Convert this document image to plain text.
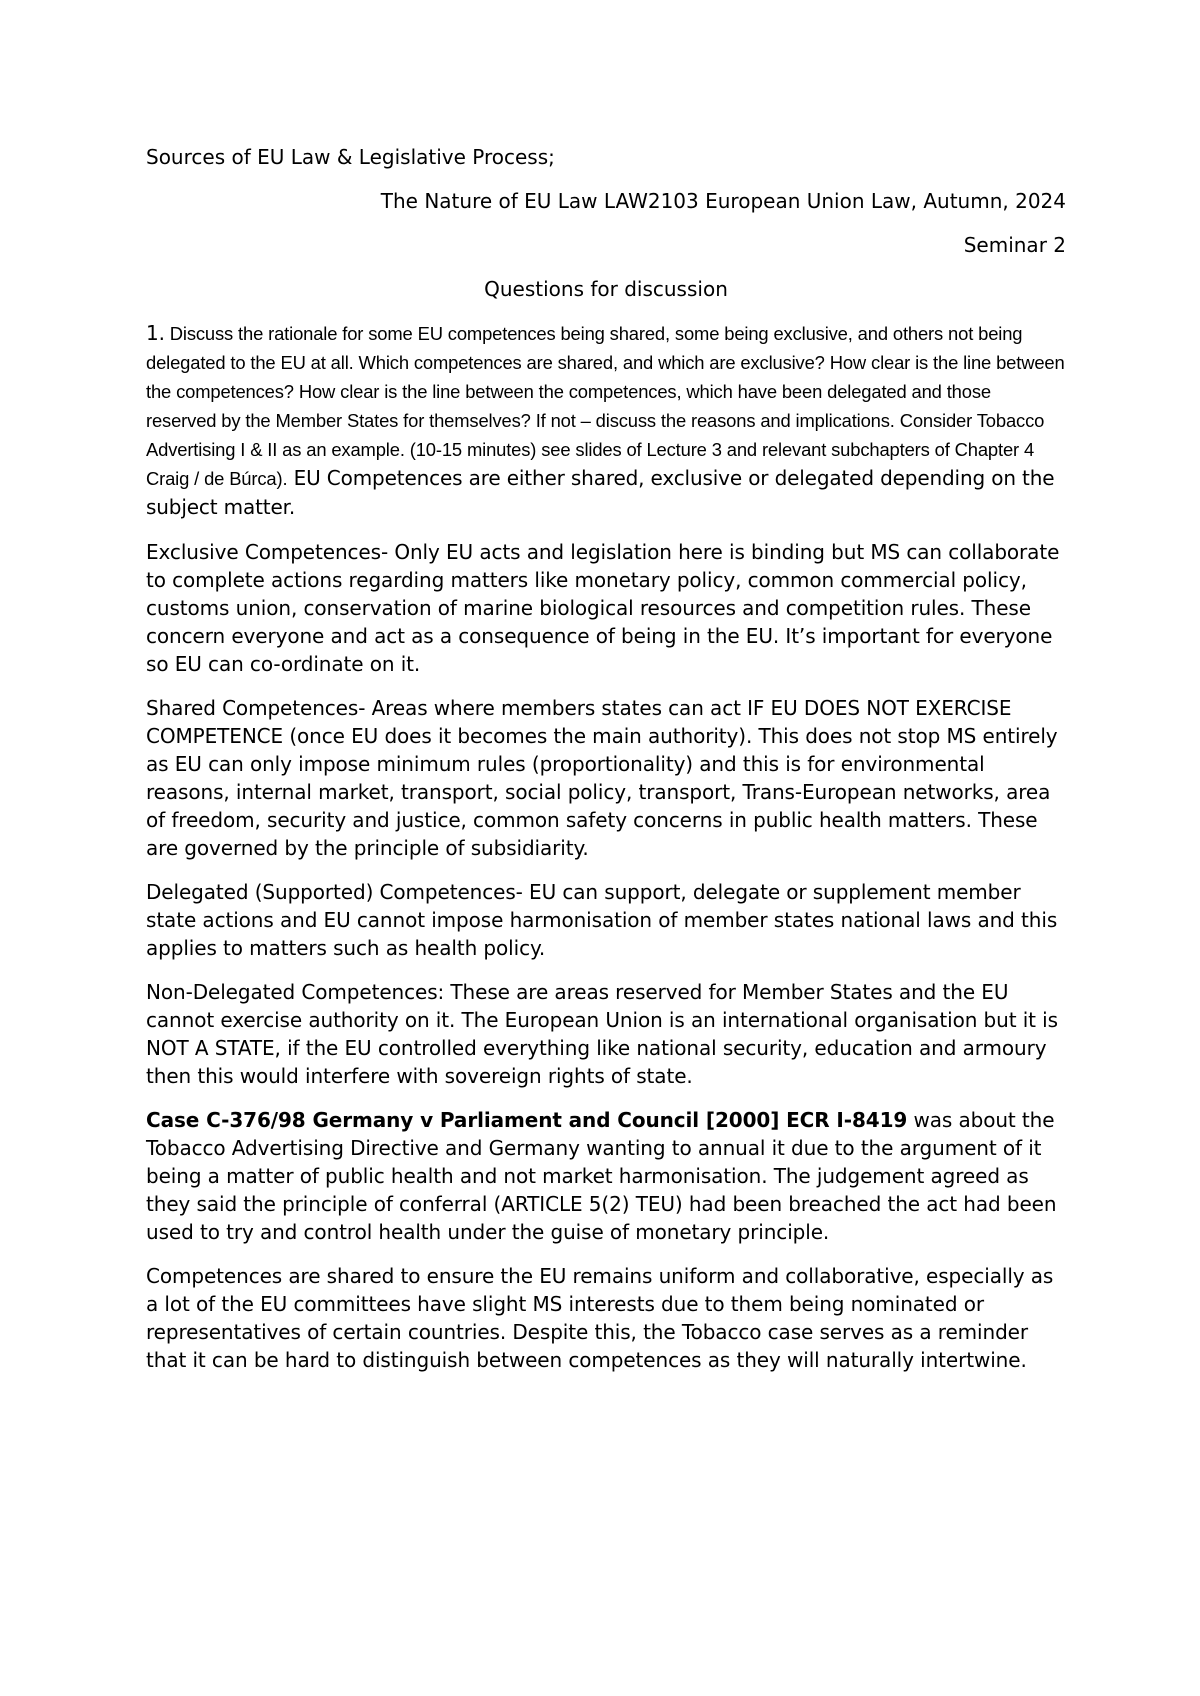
Sources of EU Law & Legislative Process;

The Nature of EU Law LAW2103 European Union Law, Autumn, 2024

Seminar 2

Questions for discussion

1. Discuss the rationale for some EU competences being shared, some being exclusive, and others not being delegated to the EU at all. Which competences are shared, and which are exclusive? How clear is the line between the competences? How clear is the line between the competences, which have been delegated and those reserved by the Member States for themselves? If not – discuss the reasons and implications. Consider Tobacco Advertising I & II as an example. (10-15 minutes) see slides of Lecture 3 and relevant subchapters of Chapter 4 Craig / de Búrca). EU Competences are either shared, exclusive or delegated depending on the subject matter.

Exclusive Competences- Only EU acts and legislation here is binding but MS can collaborate to complete actions regarding matters like monetary policy, common commercial policy, customs union, conservation of marine biological resources and competition rules. These concern everyone and act as a consequence of being in the EU. It’s important for everyone so EU can co-ordinate on it.

Shared Competences- Areas where members states can act IF EU DOES NOT EXERCISE COMPETENCE (once EU does it becomes the main authority). This does not stop MS entirely as EU can only impose minimum rules (proportionality) and this is for environmental reasons, internal market, transport, social policy, transport, Trans-European networks, area of freedom, security and justice, common safety concerns in public health matters. These are governed by the principle of subsidiarity.

Delegated (Supported) Competences- EU can support, delegate or supplement member state actions and EU cannot impose harmonisation of member states national laws and this applies to matters such as health policy.

Non-Delegated Competences: These are areas reserved for Member States and the EU cannot exercise authority on it. The European Union is an international organisation but it is NOT A STATE, if the EU controlled everything like national security, education and armoury then this would interfere with sovereign rights of state.

Case C-376/98 Germany v Parliament and Council [2000] ECR I-8419 was about the Tobacco Advertising Directive and Germany wanting to annual it due to the argument of it being a matter of public health and not market harmonisation. The judgement agreed as they said the principle of conferral (ARTICLE 5(2) TEU) had been breached the act had been used to try and control health under the guise of monetary principle.

Competences are shared to ensure the EU remains uniform and collaborative, especially as a lot of the EU committees have slight MS interests due to them being nominated or representatives of certain countries. Despite this, the Tobacco case serves as a reminder that it can be hard to distinguish between competences as they will naturally intertwine.
